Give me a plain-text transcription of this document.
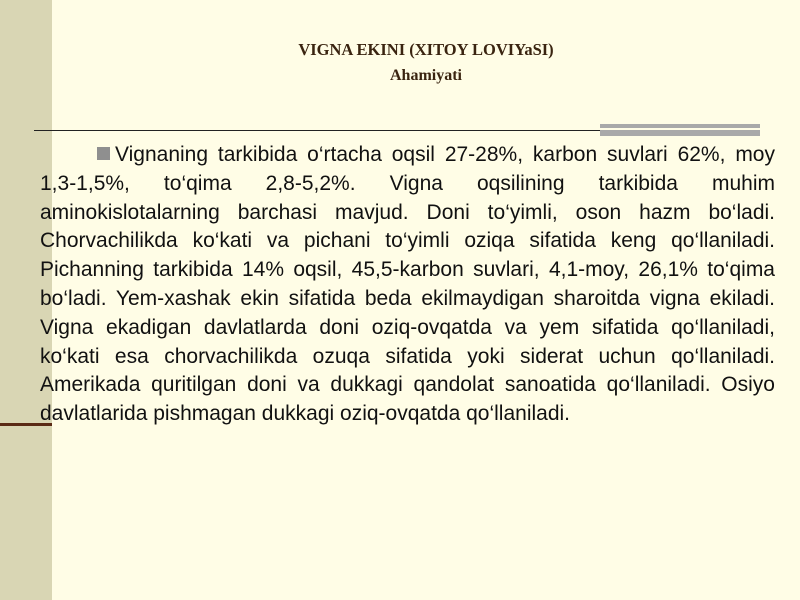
VIGNA EKINI (XITOY LOVIYaSI)
Ahamiyati

Vignaning tarkibida o‘rtacha oqsil 27-28%, karbon suvlari 62%, moy 1,3-1,5%, to‘qima 2,8-5,2%. Vigna oqsilining tarkibida muhim aminokislotalarning barchasi mavjud. Doni to‘yimli, oson hazm bo‘ladi. Chorvachilikda ko‘kati va pichani to‘yimli oziqa sifatida keng qo‘llaniladi. Pichanning tarkibida 14% oqsil, 45,5-karbon suvlari, 4,1-moy, 26,1% to‘qima bo‘ladi. Yem-xashak ekin sifatida beda ekilmaydigan sharoitda vigna ekiladi. Vigna ekadigan davlatlarda doni oziq-ovqatda va yem sifatida qo‘llaniladi, ko‘kati esa chorvachilikda ozuqa sifatida yoki siderat uchun qo‘llaniladi. Amerikada quritilgan doni va dukkagi qandolat sanoatida qo‘llaniladi. Osiyo davlatlarida pishmagan dukkagi oziq-ovqatda qo‘llaniladi.
